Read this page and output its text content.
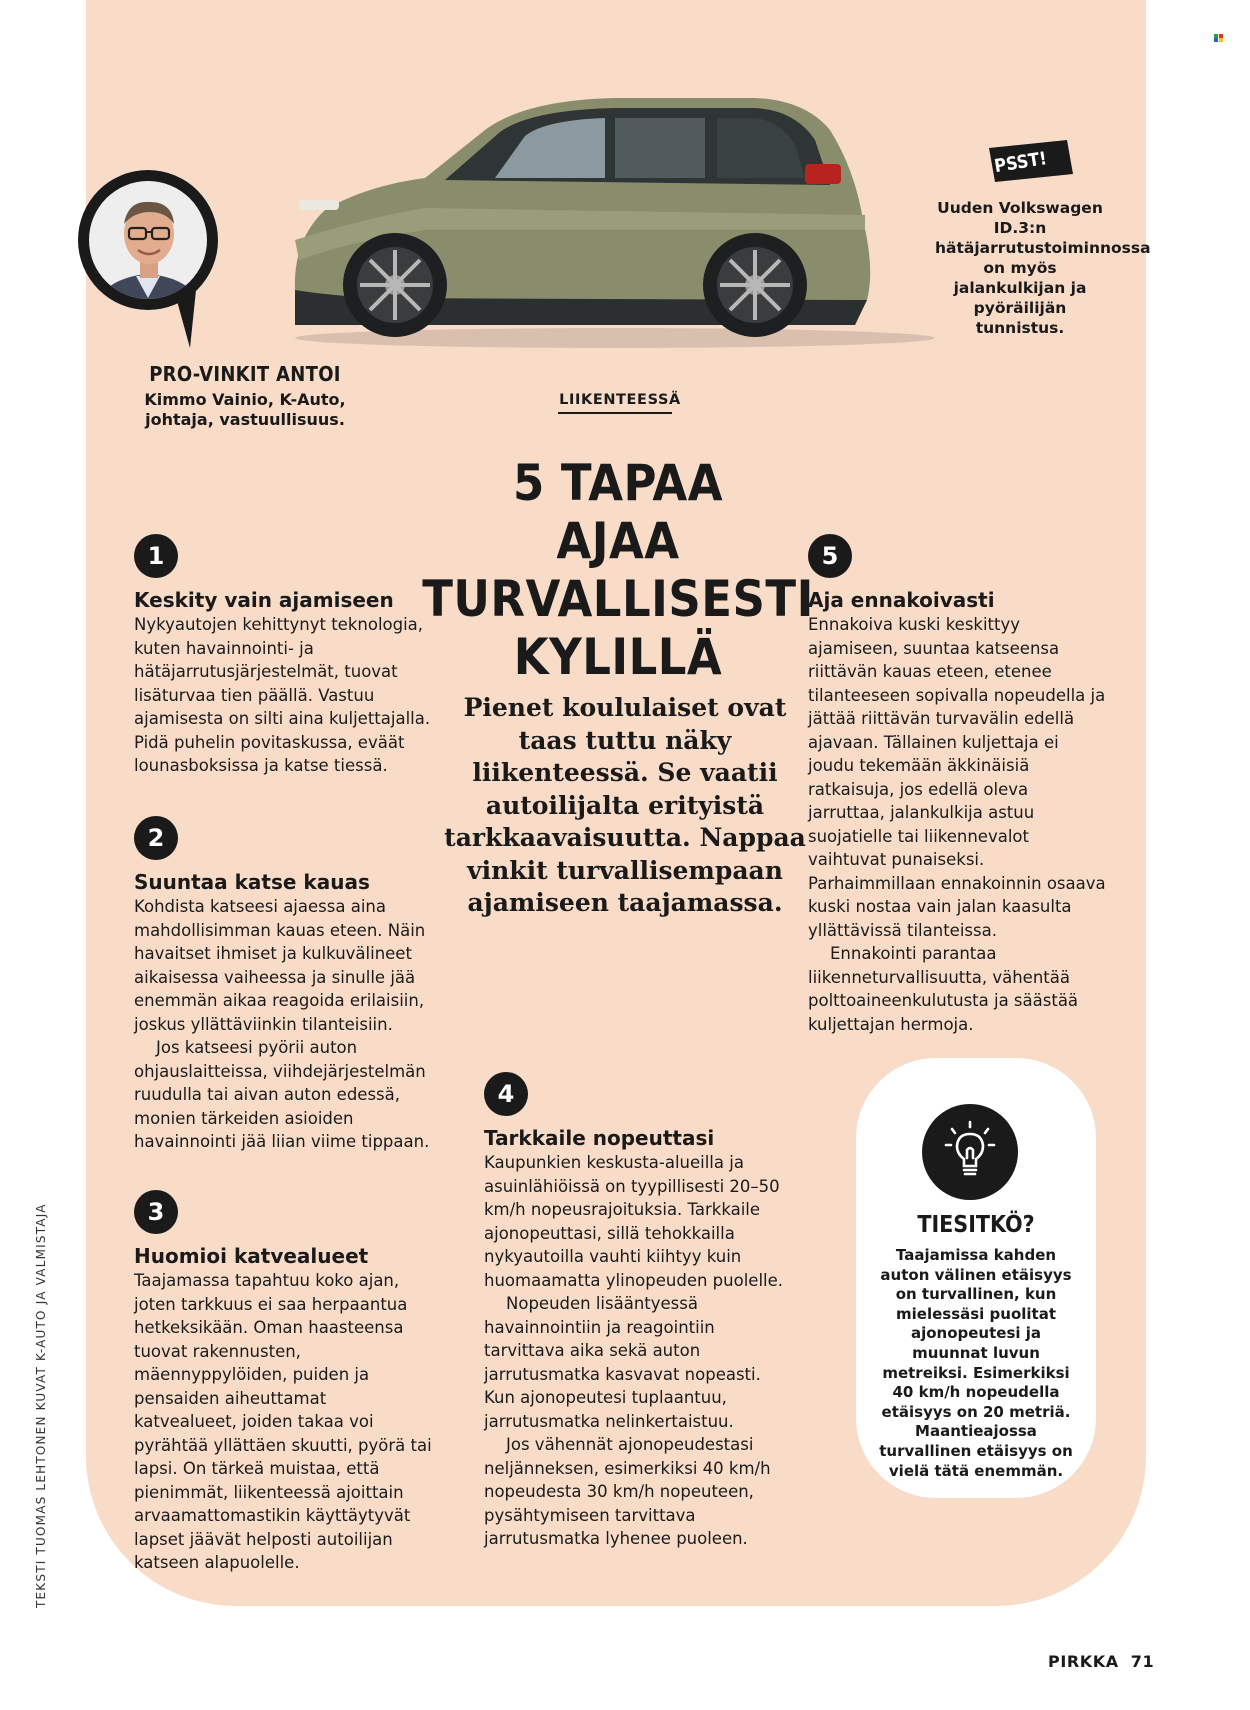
TEKSTI TUOMAS LEHTONEN KUVAT K-AUTO JA VALMISTAJA
PRO-VINKIT ANTOI
Kimmo Vainio, K-Auto,
johtaja, vastuullisuus.
PSST!
Uuden Volkswagen ID.3:n hätäjarrutustoiminnossa on myös jalankulkijan ja pyöräilijän tunnistus.
LIIKENTEESSÄ
5 TAPAA
AJAA
TURVALLISESTI
KYLILLÄ
Pienet koululaiset ovat taas tuttu näky liikenteessä. Se vaatii autoilijalta erityistä tarkkaavaisuutta. Nappaa vinkit turvallisempaan ajamiseen taajamassa.
1
Keskity vain ajamiseen

Nykyautojen kehittynyt teknologia, kuten havainnointi- ja hätäjarrutusjärjestelmät, tuovat lisäturvaa tien päällä. Vastuu ajamisesta on silti aina kuljettajalla. Pidä puhelin povitaskussa, eväät lounasboksissa ja katse tiessä.

2
Suuntaa katse kauas

Kohdista katseesi ajaessa aina mahdollisimman kauas eteen. Näin havaitset ihmiset ja kulkuvälineet aikaisessa vaiheessa ja sinulle jää enemmän aikaa reagoida erilaisiin, joskus yllättäviinkin tilanteisiin.

Jos katseesi pyörii auton ohjauslaitteissa, viihdejärjestelmän ruudulla tai aivan auton edessä, monien tärkeiden asioiden havainnointi jää liian viime tippaan.

3
Huomioi katvealueet

Taajamassa tapahtuu koko ajan, joten tarkkuus ei saa herpaantua hetkeksikään. Oman haasteensa tuovat rakennusten, mäennyppylöiden, puiden ja pensaiden aiheuttamat katvealueet, joiden takaa voi pyrähtää yllättäen skuutti, pyörä tai lapsi. On tärkeä muistaa, että pienimmät, liikenteessä ajoittain arvaamattomastikin käyttäytyvät lapset jäävät helposti autoilijan katseen alapuolelle.

4
Tarkkaile nopeuttasi

Kaupunkien keskusta-alueilla ja asuinlähiöissä on tyypillisesti 20–50 km/h nopeusrajoituksia. Tarkkaile ajonopeuttasi, sillä tehokkailla nykyautoilla vauhti kiihtyy kuin huomaamatta ylinopeuden puolelle.

Nopeuden lisääntyessä havainnointiin ja reagointiin tarvittava aika sekä auton jarrutusmatka kasvavat nopeasti. Kun ajonopeutesi tuplaantuu, jarrutusmatka nelinkertaistuu.

Jos vähennät ajonopeudestasi neljänneksen, esimerkiksi 40 km/h nopeudesta 30 km/h nopeuteen, pysähtymiseen tarvittava jarrutusmatka lyhenee puoleen.

5
Aja ennakoivasti

Ennakoiva kuski keskittyy ajamiseen, suuntaa katseensa riittävän kauas eteen, etenee tilanteeseen sopivalla nopeudella ja jättää riittävän turvavälin edellä ajavaan. Tällainen kuljettaja ei joudu tekemään äkkinäisiä ratkaisuja, jos edellä oleva jarruttaa, jalankulkija astuu suojatielle tai liikennevalot vaihtuvat punaiseksi. Parhaimmillaan ennakoinnin osaava kuski nostaa vain jalan kaasulta yllättävissä tilanteissa.

Ennakointi parantaa liikenneturvallisuutta, vähentää polttoaineenkulutusta ja säästää kuljettajan hermoja.

TIESITKÖ?
Taajamissa kahden auton välinen etäisyys on turvallinen, kun mielessäsi puolitat ajonopeutesi ja muunnat luvun metreiksi. Esimerkiksi 40 km/h nopeudella etäisyys on 20 metriä. Maantieajossa turvallinen etäisyys on vielä tätä enemmän.
PIRKKA 71
